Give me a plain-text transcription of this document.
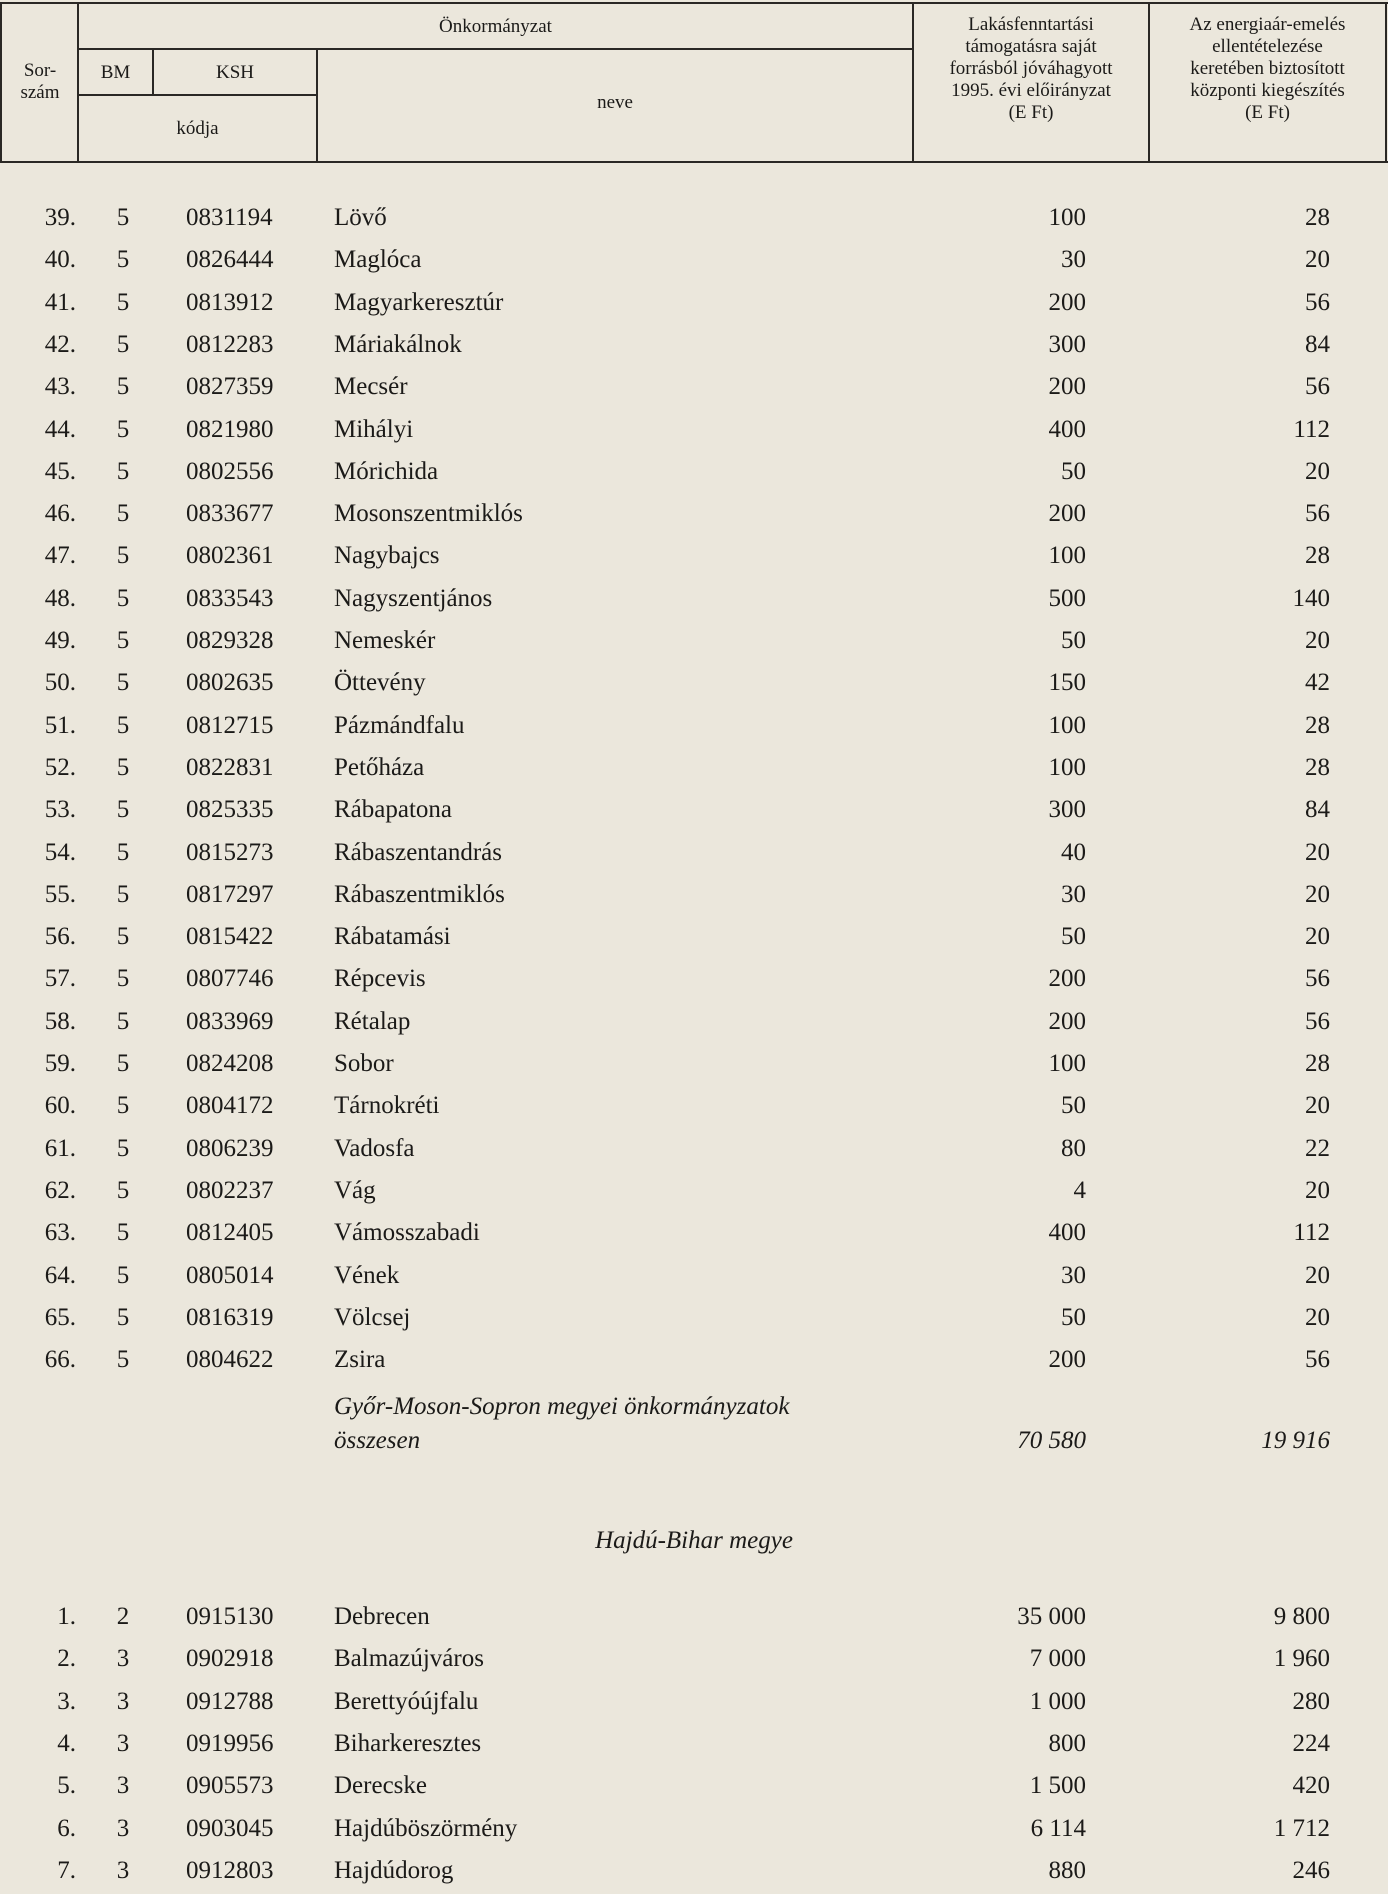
Sor-
szám
Önkormányzat
BM	KSH
kódja
neve
Lakásfenntartási
támogatásra saját
forrásból jóváhagyott
1995. évi előirányzat
(E Ft)
Az energiaár-emelés
ellentételezése
keretében biztosított
központi kiegészítés
(E Ft)
39.	5	0831194 Lövő	100	28
40.	5	0826444 Maglóca	30	20
41.	5	0813912 Magyarkeresztúr	200	56
42.	5	0812283 Máriakálnok	300	84
43.	5	0827359 Mecsér	200	56
44.	5	0821980 Mihályi	400	112
45.	5	0802556 Mórichida	50	20
46.	5	0833677 Mosonszentmiklós	200	56
47.	5	0802361 Nagybajcs	100	28
48.	5	0833543 Nagyszentjános	500	140
49.	5	0829328 Nemeskér	50	20
50.	5	0802635 Öttevény	150	42
51.	5	0812715 Pázmándfalu	100	28
52.	5	0822831 Petőháza	100	28
53.	5	0825335 Rábapatona	300	84
54.	5	0815273 Rábaszentandrás	40	20
55.	5	0817297 Rábaszentmiklós	30	20
56.	5	0815422 Rábatamási	50	20
57.	5	0807746 Répcevis	200	56
58.	5	0833969 Rétalap	200	56
59.	5	0824208 Sobor	100	28
60.	5	0804172 Tárnokréti	50	20
61.	5	0806239 Vadosfa	80	22
62.	5	0802237 Vág	4	20
63.	5	0812405 Vámosszabadi	400	112
64.	5	0805014 Vének	30	20
65.	5	0816319 Völcsej	50	20
66.	5	0804622 Zsira	200	56
Győr-Moson-Sopron megyei önkormányzatok
összesen	70 580	19 916
Hajdú-Bihar megye
1.	2	0915130 Debrecen	35 000	9 800
2.	3	0902918 Balmazújváros	7 000	1 960
3.	3	0912788 Berettyóújfalu	1 000	280
4.	3	0919956 Biharkeresztes	800	224
5.	3	0905573 Derecske	1 500	420
6.	3	0903045 Hajdúböszörmény	6 114	1 712
7.	3	0912803 Hajdúdorog	880	246
